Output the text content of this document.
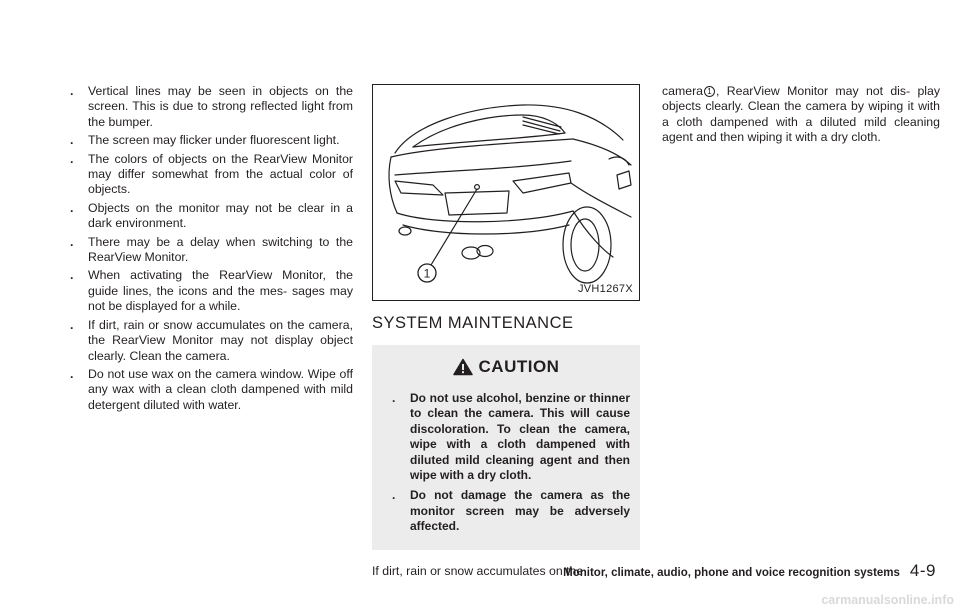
. Vertical lines may be seen in objects on the screen. This is due to strong reflected light from the bumper.
. The screen may flicker under fluorescent light.
. The colors of objects on the RearView Monitor may differ somewhat from the actual color of objects.
. Objects on the monitor may not be clear in a dark environment.
. There may be a delay when switching to the RearView Monitor.
. When activating the RearView Monitor, the guide lines, the icons and the mes- sages may not be displayed for a while.
. If dirt, rain or snow accumulates on the camera, the RearView Monitor may not display object clearly. Clean the camera.
. Do not use wax on the camera window. Wipe off any wax with a clean cloth dampened with mild detergent diluted with water.
1
JVH1267X
SYSTEM MAINTENANCE
CAUTION
. Do not use alcohol, benzine or thinner to clean the camera. This will cause discoloration. To clean the camera, wipe with a cloth dampened with diluted mild cleaning agent and then wipe with a dry cloth.
. Do not damage the camera as the monitor screen may be adversely affected.

If dirt, rain or snow accumulates on the

camera 1 , RearView Monitor may not dis- play objects clearly. Clean the camera by wiping it with a cloth dampened with a diluted mild cleaning agent and then wiping it with a dry cloth.

Monitor, climate, audio, phone and voice recognition systems 4-9
carmanualsonline.info
